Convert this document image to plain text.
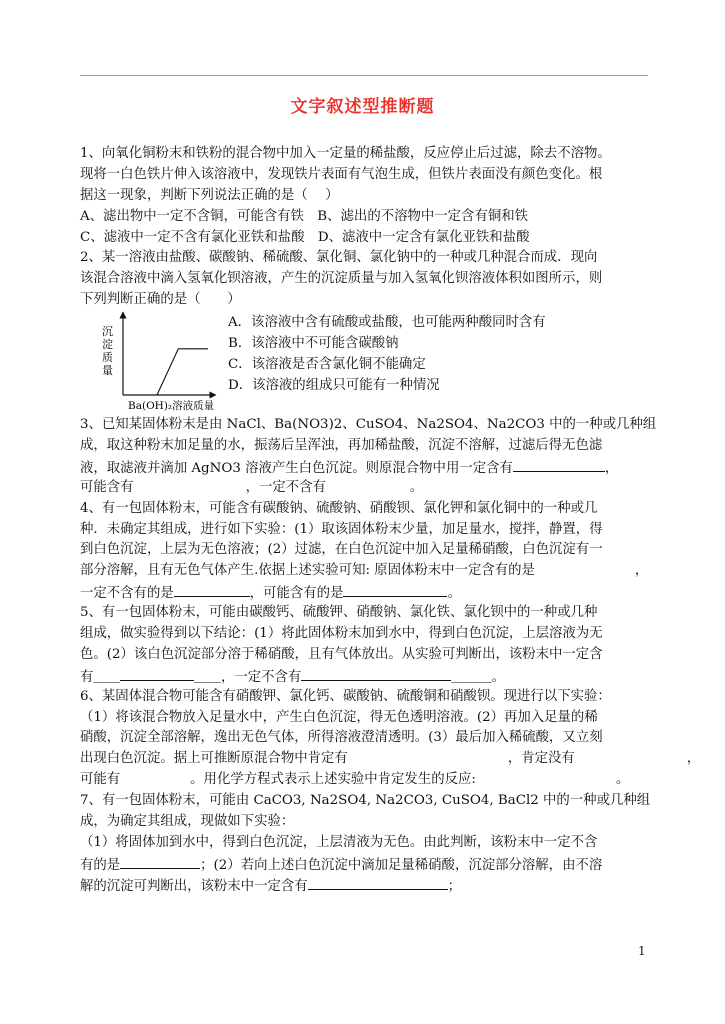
文字叙述型推断题
1、向氧化铜粉末和铁粉的混合物中加入一定量的稀盐酸，反应停止后过滤，除去不溶物。
现将一白色铁片伸入该溶液中，发现铁片表面有气泡生成，但铁片表面没有颜色变化。根
据这一现象，判断下列说法正确的是（　 ）
A、滤出物中一定不含铜，可能含有铁　B、滤出的不溶物中一定含有铜和铁
C、滤液中一定不含有氯化亚铁和盐酸　D、滤液中一定含有氯化亚铁和盐酸
2、某一溶液由盐酸、碳酸钠、稀硫酸、氯化铜、氯化钠中的一种或几种混合而成．现向
该混合溶液中滴入氢氧化钡溶液，产生的沉淀质量与加入氢氧化钡溶液体积如图所示，则
下列判断正确的是（　　）
沉
淀
质
量
Ba(OH)₂溶液质量
A．该溶液中含有硫酸或盐酸，也可能两种酸同时含有
B．该溶液中不可能含碳酸钠
C．该溶液是否含氯化铜不能确定
D．该溶液的组成只可能有一种情况
3、已知某固体粉末是由 NaCl、Ba(NO3)2、CuSO4、Na2SO4、Na2CO3 中的一种或几种组
成，取这种粉末加足量的水，振荡后呈浑浊，再加稀盐酸，沉淀不溶解，过滤后得无色滤
液，取滤液并滴加 AgNO3 溶液产生白色沉淀。则原混合物中用一定含有	，
可能含有	，一定不含有	。
4、有一包固体粉末，可能含有碳酸钠、硫酸钠、硝酸钡、氯化钾和氯化铜中的一种或几
种．未确定其组成，进行如下实验：(1）取该固体粉末少量，加足量水，搅拌，静置，得
到白色沉淀，上层为无色溶液；(2）过滤，在白色沉淀中加入足量稀硝酸，白色沉淀有一
部分溶解，且有无色气体产生.依据上述实验可知: 原固体粉末中一定含有的是	，
一定不含有的是	，可能含有的是	。
5、有一包固体粉末，可能由碳酸钙、硫酸钾、硝酸钠、氯化铁、氯化钡中的一种或几种
组成，做实验得到以下结论：(1）将此固体粉末加到水中，得到白色沉淀，上层溶液为无
色。(2）该白色沉淀部分溶于稀硝酸，且有气体放出。从实验可判断出，该粉末中一定含
有＿＿	＿＿，一定不含有	＿＿＿。
6、某固体混合物可能含有硝酸钾、氯化钙、碳酸钠、硫酸铜和硝酸钡。现进行以下实验：
（1）将该混合物放入足量水中，产生白色沉淀，得无色透明溶液。(2）再加入足量的稀
硝酸，沉淀全部溶解，逸出无色气体，所得溶液澄清透明。(3）最后加入稀硫酸，又立刻
出现白色沉淀。据上可推断原混合物中肯定有	，肯定没有	，
可能有	。用化学方程式表示上述实验中肯定发生的反应:	。
7、有一包固体粉末，可能由 CaCO3, Na2SO4, Na2CO3, CuSO4, BaCl2 中的一种或几种组
成，为确定其组成，现做如下实验：
（1）将固体加到水中，得到白色沉淀，上层清液为无色。由此判断，该粉末中一定不含
有的是	；(2）若向上述白色沉淀中滴加足量稀硝酸，沉淀部分溶解，由不溶
解的沉淀可判断出，该粉末中一定含有	；
1
